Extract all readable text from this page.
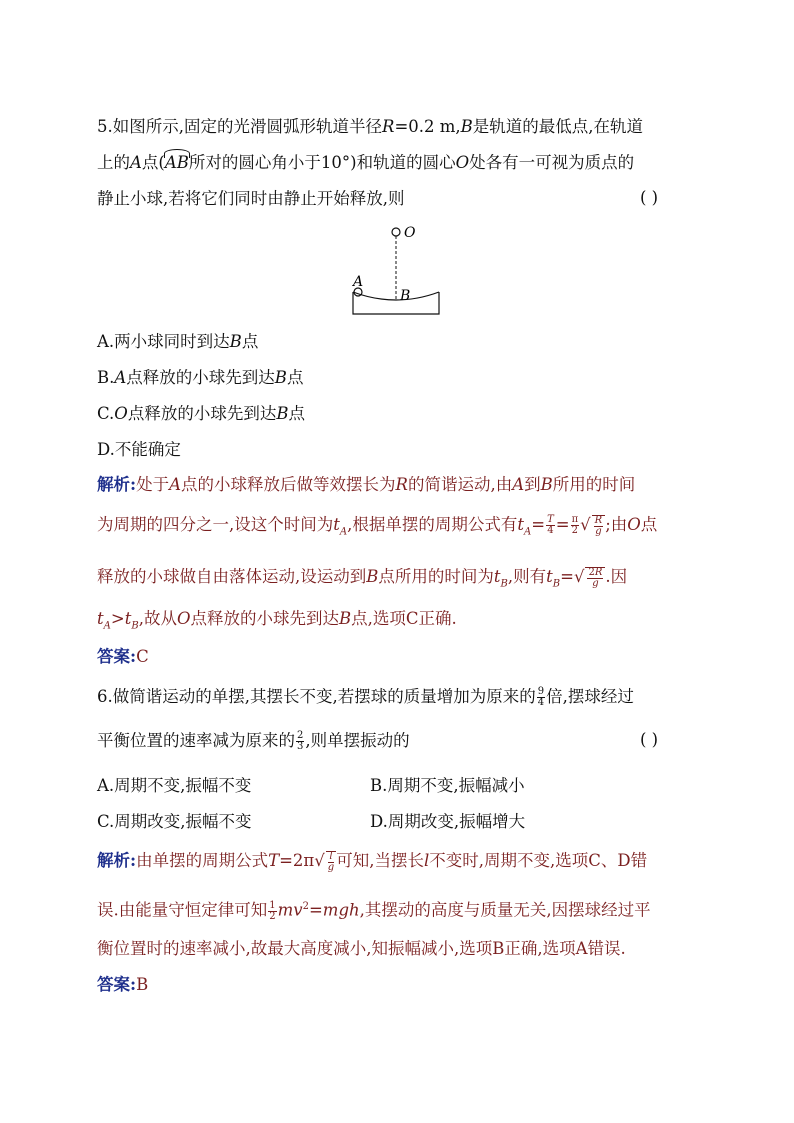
5.如图所示,固定的光滑圆弧形轨道半径R=0.2 m,B是轨道的最低点,在轨道
上的A点(AB所对的圆心角小于10°)和轨道的圆心O处各有一可视为质点的
静止小球,若将它们同时由静止开始释放,则	( )
O
A
B
A.两小球同时到达B点
B.A点释放的小球先到达B点
C.O点释放的小球先到达B点
D.不能确定
解析:处于A点的小球释放后做等效摆长为R的简谐运动,由A到B所用的时间
为周期的四分之一,设这个时间为$t_A$,根据单摆的周期公式有$t_A= \frac{T}{4} = \frac{\pi}{2}$ √ $\frac{R}{g}$ ;由O点
释放的小球做自由落体运动,设运动到B点所用的时间为$t_B$,则有$t_B=√ \frac{2R}{g}$ .因
$t_A>t_B$,故从O点释放的小球先到达B点,选项C正确.
答案:C
6.做简谐运动的单摆,其摆长不变,若摆球的质量增加为原来的 $\frac{9}{4}$ 倍,摆球经过
平衡位置的速率减为原来的 $\frac{2}{3}$ ,则单摆振动的	( )
A.周期不变,振幅不变	B.周期不变,振幅减小
C.周期改变,振幅不变	D.周期改变,振幅增大
解析:由单摆的周期公式$T=2\pi√ \frac{l}{g}$ 可知,当摆长l不变时,周期不变,选项C、D错
误.由能量守恒定律可知 $\frac{1}{2} mv^2=mgh$,其摆动的高度与质量无关,因摆球经过平
衡位置时的速率减小,故最大高度减小,知振幅减小,选项B正确,选项A错误.
答案:B
